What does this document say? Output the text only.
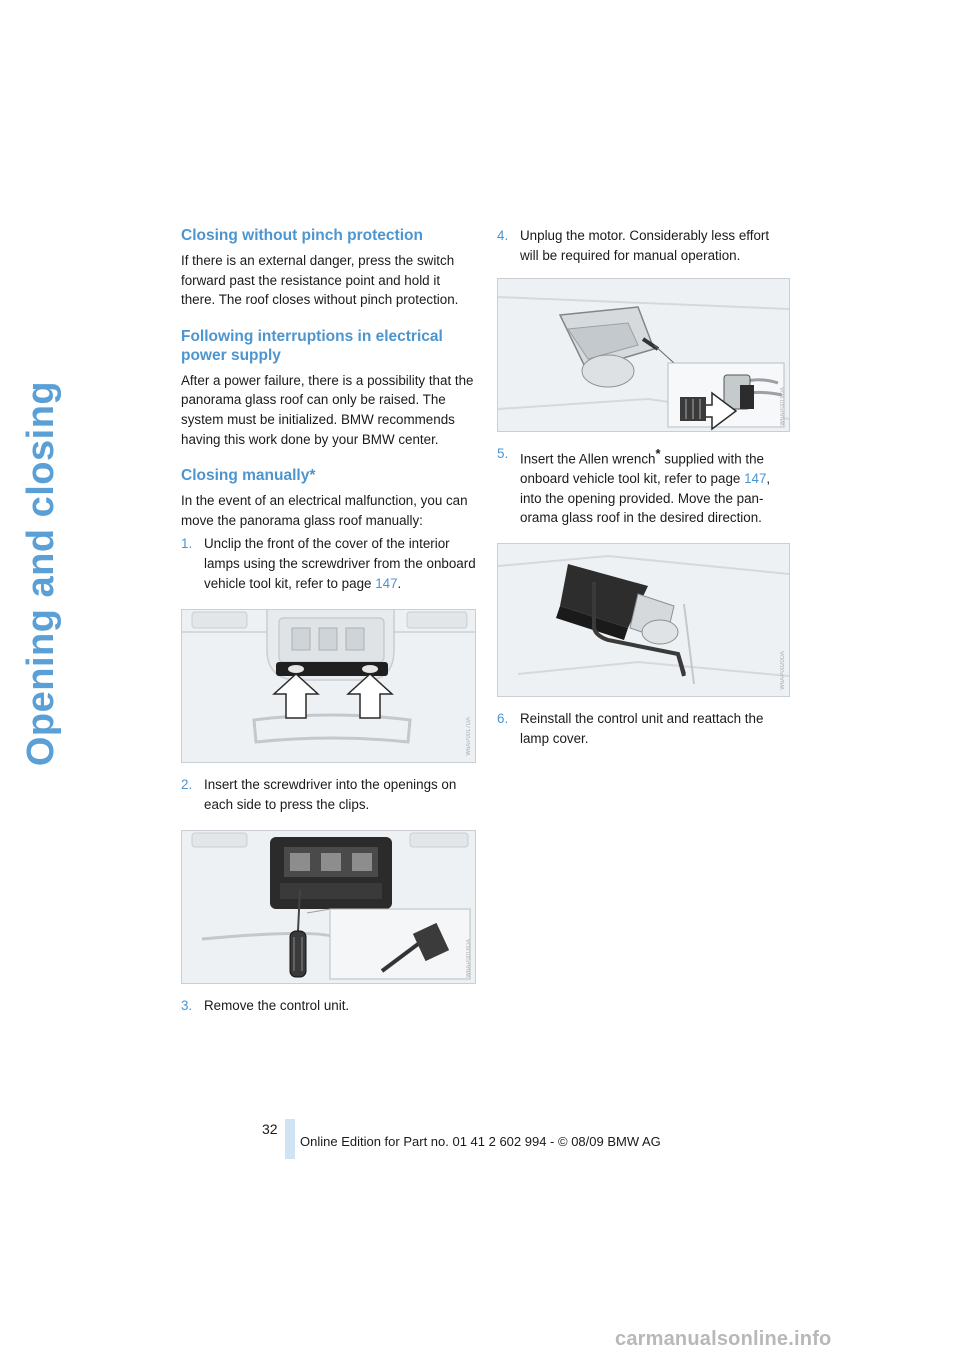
Opening and closing
Closing without pinch protection

If there is an external danger, press the switch forward past the resistance point and hold it there. The roof closes without pinch protection.

Following interruptions in electrical power supply

After a power failure, there is a possibility that the panorama glass roof can only be raised. The system must be initialized. BMW recommends having this work done by your BMW center.

Closing manually*

In the event of an electrical malfunction, you can move the panorama glass roof manually:

1. Unclip the front of the cover of the interior lamps using the screwdriver from the onboard vehicle tool kit, refer to page 147.
W6AP0017DA
2. Insert the screwdriver into the openings on each side to press the clips.
W6AP0018DA
3. Remove the control unit.
4. Unplug the motor. Considerably less effort will be required for manual operation.
W6AP0019DA
5. Insert the Allen wrench* supplied with the onboard vehicle tool kit, refer to page 147, into the opening provided. Move the pan-orama glass roof in the desired direction.
W6AP0020DA
6. Reinstall the control unit and reattach the lamp cover.
32
Online Edition for Part no. 01 41 2 602 994 - © 08/09 BMW AG
carmanualsonline.info
